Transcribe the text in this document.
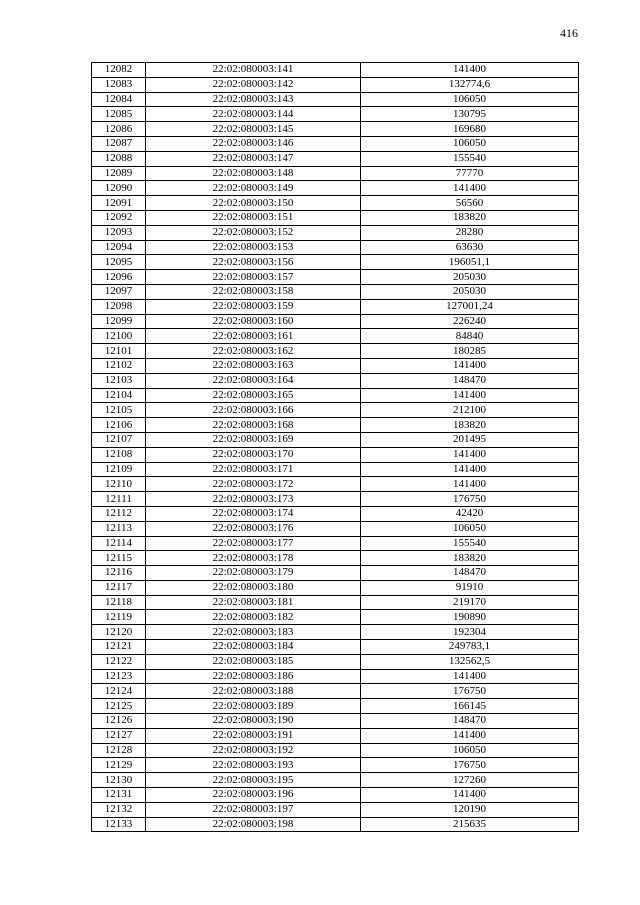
416
12082	22:02:080003:141	141400
12083	22:02:080003:142	132774,6
12084	22:02:080003:143	106050
12085	22:02:080003:144	130795
12086	22:02:080003:145	169680
12087	22:02:080003:146	106050
12088	22:02:080003:147	155540
12089	22:02:080003:148	77770
12090	22:02:080003:149	141400
12091	22:02:080003:150	56560
12092	22:02:080003:151	183820
12093	22:02:080003:152	28280
12094	22:02:080003:153	63630
12095	22:02:080003:156	196051,1
12096	22:02:080003:157	205030
12097	22:02:080003:158	205030
12098	22:02:080003:159	127001,24
12099	22:02:080003:160	226240
12100	22:02:080003:161	84840
12101	22:02:080003:162	180285
12102	22:02:080003:163	141400
12103	22:02:080003:164	148470
12104	22:02:080003:165	141400
12105	22:02:080003:166	212100
12106	22:02:080003:168	183820
12107	22:02:080003:169	201495
12108	22:02:080003:170	141400
12109	22:02:080003:171	141400
12110	22:02:080003:172	141400
12111	22:02:080003:173	176750
12112	22:02:080003:174	42420
12113	22:02:080003:176	106050
12114	22:02:080003:177	155540
12115	22:02:080003:178	183820
12116	22:02:080003:179	148470
12117	22:02:080003:180	91910
12118	22:02:080003:181	219170
12119	22:02:080003:182	190890
12120	22:02:080003:183	192304
12121	22:02:080003:184	249783,1
12122	22:02:080003:185	132562,5
12123	22:02:080003:186	141400
12124	22:02:080003:188	176750
12125	22:02:080003:189	166145
12126	22:02:080003:190	148470
12127	22:02:080003:191	141400
12128	22:02:080003:192	106050
12129	22:02:080003:193	176750
12130	22:02:080003:195	127260
12131	22:02:080003:196	141400
12132	22:02:080003:197	120190
12133	22:02:080003:198	215635
